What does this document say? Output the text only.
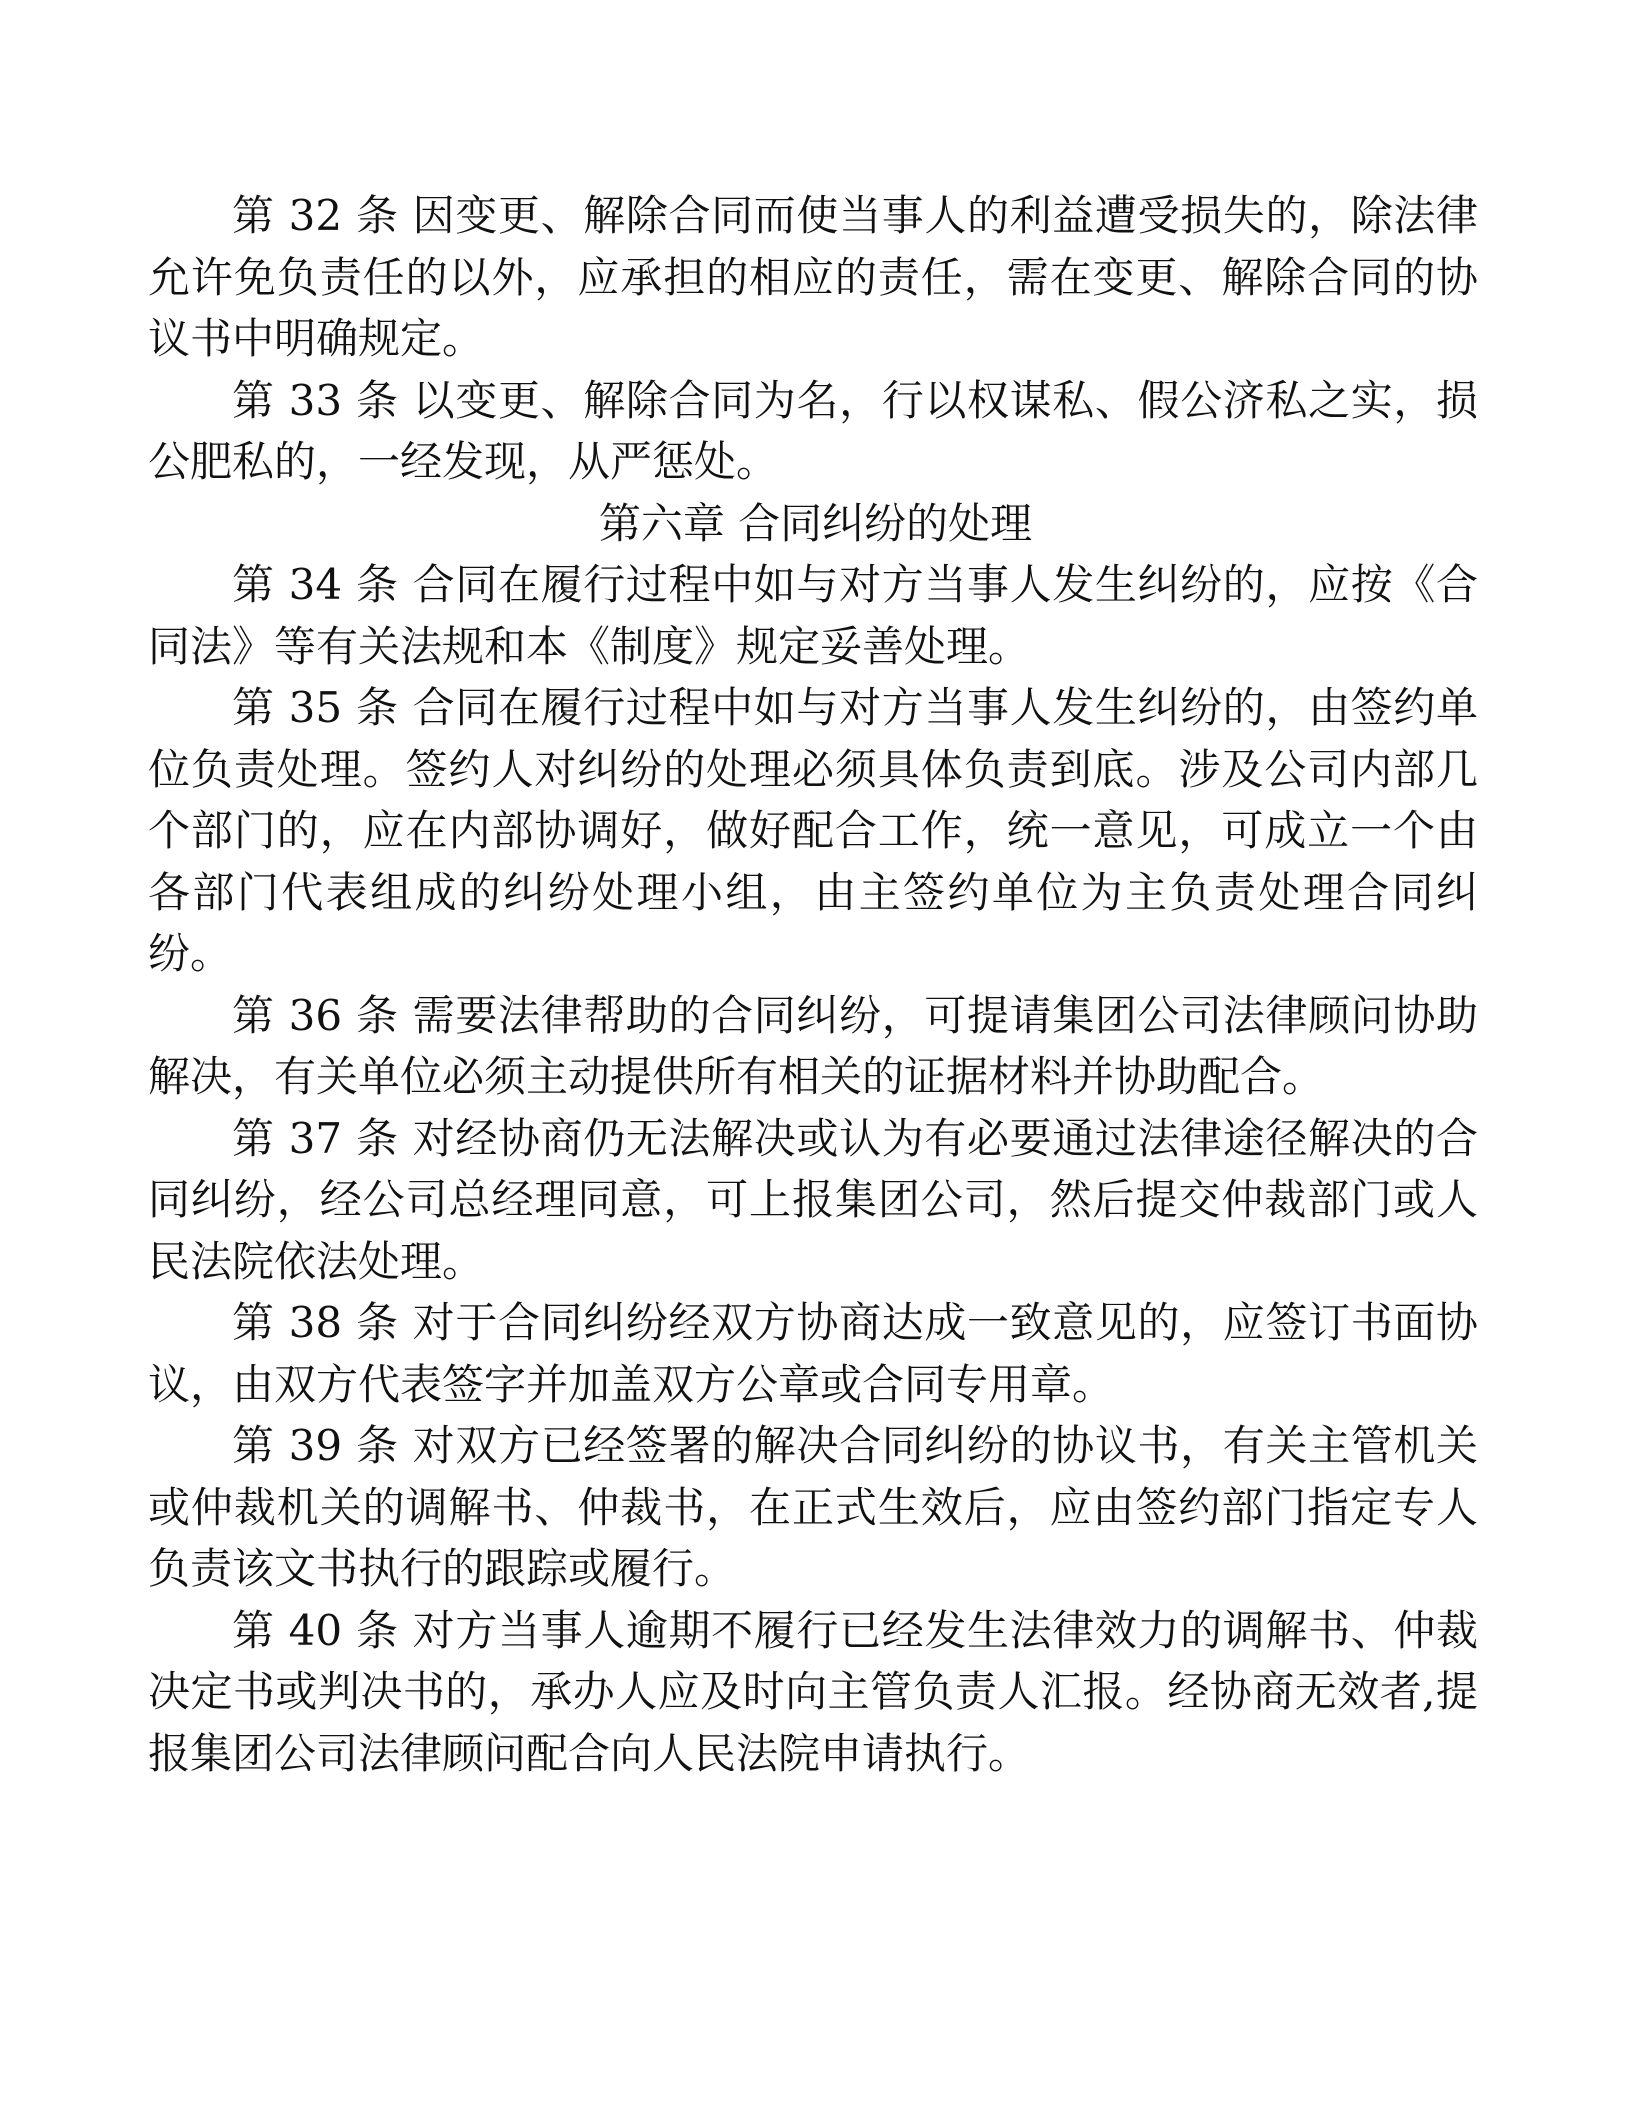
第 32 条 因变更、解除合同而使当事人的利益遭受损失的，除法律允许免负责任的以外，应承担的相应的责任，需在变更、解除合同的协议书中明确规定。

第 33 条 以变更、解除合同为名，行以权谋私、假公济私之实，损公肥私的，一经发现，从严惩处。

第六章 合同纠纷的处理

第 34 条 合同在履行过程中如与对方当事人发生纠纷的，应按《合同法》等有关法规和本《制度》规定妥善处理。

第 35 条 合同在履行过程中如与对方当事人发生纠纷的，由签约单位负责处理。签约人对纠纷的处理必须具体负责到底。涉及公司内部几个部门的，应在内部协调好，做好配合工作，统一意见，可成立一个由各部门代表组成的纠纷处理小组，由主签约单位为主负责处理合同纠纷。

第 36 条 需要法律帮助的合同纠纷，可提请集团公司法律顾问协助解决，有关单位必须主动提供所有相关的证据材料并协助配合。

第 37 条 对经协商仍无法解决或认为有必要通过法律途径解决的合同纠纷，经公司总经理同意，可上报集团公司，然后提交仲裁部门或人民法院依法处理。

第 38 条 对于合同纠纷经双方协商达成一致意见的，应签订书面协议，由双方代表签字并加盖双方公章或合同专用章。

第 39 条 对双方已经签署的解决合同纠纷的协议书，有关主管机关或仲裁机关的调解书、仲裁书，在正式生效后，应由签约部门指定专人负责该文书执行的跟踪或履行。

第 40 条 对方当事人逾期不履行已经发生法律效力的调解书、仲裁决定书或判决书的，承办人应及时向主管负责人汇报。经协商无效者,提报集团公司法律顾问配合向人民法院申请执行。
